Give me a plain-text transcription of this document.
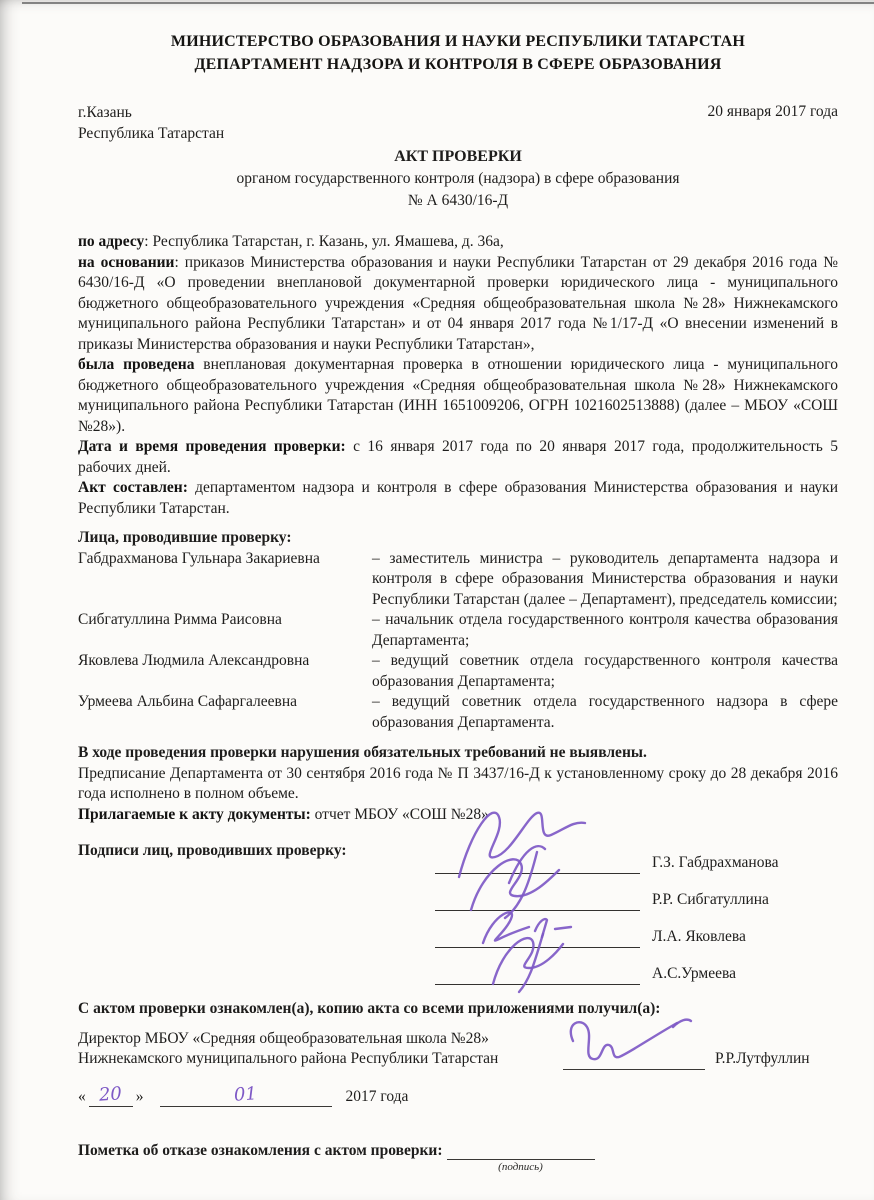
МИНИСТЕРСТВО ОБРАЗОВАНИЯ И НАУКИ РЕСПУБЛИКИ ТАТАРСТАН
ДЕПАРТАМЕНТ НАДЗОРА И КОНТРОЛЯ В СФЕРЕ ОБРАЗОВАНИЯ
г.Казань
Республика Татарстан
20 января 2017 года
АКТ ПРОВЕРКИ
органом государственного контроля (надзора) в сфере образования
№ А 6430/16-Д

по адресу: Республика Татарстан, г. Казань, ул. Ямашева, д. 36а,

на основании: приказов Министерства образования и науки Республики Татарстан от 29 декабря 2016 года № 6430/16-Д «О проведении внеплановой документарной проверки юридического лица - муниципального бюджетного общеобразовательного учреждения «Средняя общеобразовательная школа №28» Нижнекамского муниципального района Республики Татарстан» и от 04 января 2017 года №1/17-Д «О внесении изменений в приказы Министерства образования и науки Республики Татарстан»,

была проведена внеплановая документарная проверка в отношении юридического лица - муниципального бюджетного общеобразовательного учреждения «Средняя общеобразовательная школа №28» Нижнекамского муниципального района Республики Татарстан (ИНН 1651009206, ОГРН 1021602513888) (далее – МБОУ «СОШ №28»).

Дата и время проведения проверки: с 16 января 2017 года по 20 января 2017 года, продолжительность 5 рабочих дней.

Акт составлен: департаментом надзора и контроля в сфере образования Министерства образования и науки Республики Татарстан.

Лица, проводившие проверку:
Габдрахманова Гульнара Закариевна	– заместитель министра – руководитель департамента надзора и контроля в сфере образования Министерства образования и науки Республики Татарстан (далее – Департамент), председатель комиссии;
Сибгатуллина Римма Раисовна	– начальник отдела государственного контроля качества образования Департамента;
Яковлева Людмила Александровна	– ведущий советник отдела государственного контроля качества образования Департамента;
Урмеева Альбина Сафаргалеевна	– ведущий советник отдела государственного надзора в сфере образования Департамента.

В ходе проведения проверки нарушения обязательных требований не выявлены.

Предписание Департамента от 30 сентября 2016 года № П 3437/16-Д к установленному сроку до 28 декабря 2016 года исполнено в полном объеме.

Прилагаемые к акту документы: отчет МБОУ «СОШ №28»

Подписи лиц, проводивших проверку:
Г.З. Габдрахманова
Р.Р. Сибгатуллина
Л.А. Яковлева
А.С.Урмеева
С актом проверки ознакомлен(а), копию акта со всеми приложениями получил(а):
Директор МБОУ «Средняя общеобразовательная школа №28» Нижнекамского муниципального района Республики Татарстан	Р.Р.Лутфуллин
« 20 »	01	2017 года
Пометка об отказе ознакомления с актом проверки:
(подпись)
